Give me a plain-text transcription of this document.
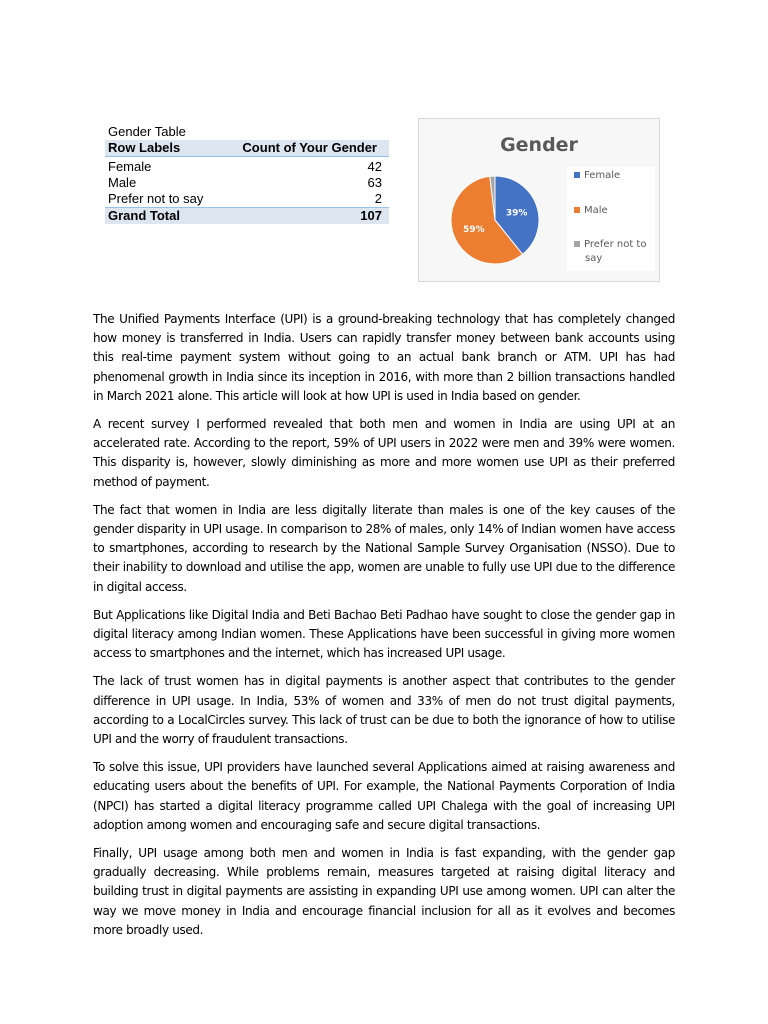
Gender Table
Row Labels	Count of Your Gender
Female	42
Male	63
Prefer not to say	2
Grand Total	107
Gender
39%
59%
Female
Male
Prefer not to
say

The Unified Payments Interface (UPI) is a ground-breaking technology that has completely changed how money is transferred in India. Users can rapidly transfer money between bank accounts using this real-time payment system without going to an actual bank branch or ATM. UPI has had phenomenal growth in India since its inception in 2016, with more than 2 billion transactions handled in March 2021 alone. This article will look at how UPI is used in India based on gender.

A recent survey I performed revealed that both men and women in India are using UPI at an accelerated rate. According to the report, 59% of UPI users in 2022 were men and 39% were women. This disparity is, however, slowly diminishing as more and more women use UPI as their preferred method of payment.

The fact that women in India are less digitally literate than males is one of the key causes of the gender disparity in UPI usage. In comparison to 28% of males, only 14% of Indian women have access to smartphones, according to research by the National Sample Survey Organisation (NSSO). Due to their inability to download and utilise the app, women are unable to fully use UPI due to the difference in digital access.

But Applications like Digital India and Beti Bachao Beti Padhao have sought to close the gender gap in digital literacy among Indian women. These Applications have been successful in giving more women access to smartphones and the internet, which has increased UPI usage.

The lack of trust women has in digital payments is another aspect that contributes to the gender difference in UPI usage. In India, 53% of women and 33% of men do not trust digital payments, according to a LocalCircles survey. This lack of trust can be due to both the ignorance of how to utilise UPI and the worry of fraudulent transactions.

To solve this issue, UPI providers have launched several Applications aimed at raising awareness and educating users about the benefits of UPI. For example, the National Payments Corporation of India (NPCI) has started a digital literacy programme called UPI Chalega with the goal of increasing UPI adoption among women and encouraging safe and secure digital transactions.

Finally, UPI usage among both men and women in India is fast expanding, with the gender gap gradually decreasing. While problems remain, measures targeted at raising digital literacy and building trust in digital payments are assisting in expanding UPI use among women. UPI can alter the way we move money in India and encourage financial inclusion for all as it evolves and becomes more broadly used.
